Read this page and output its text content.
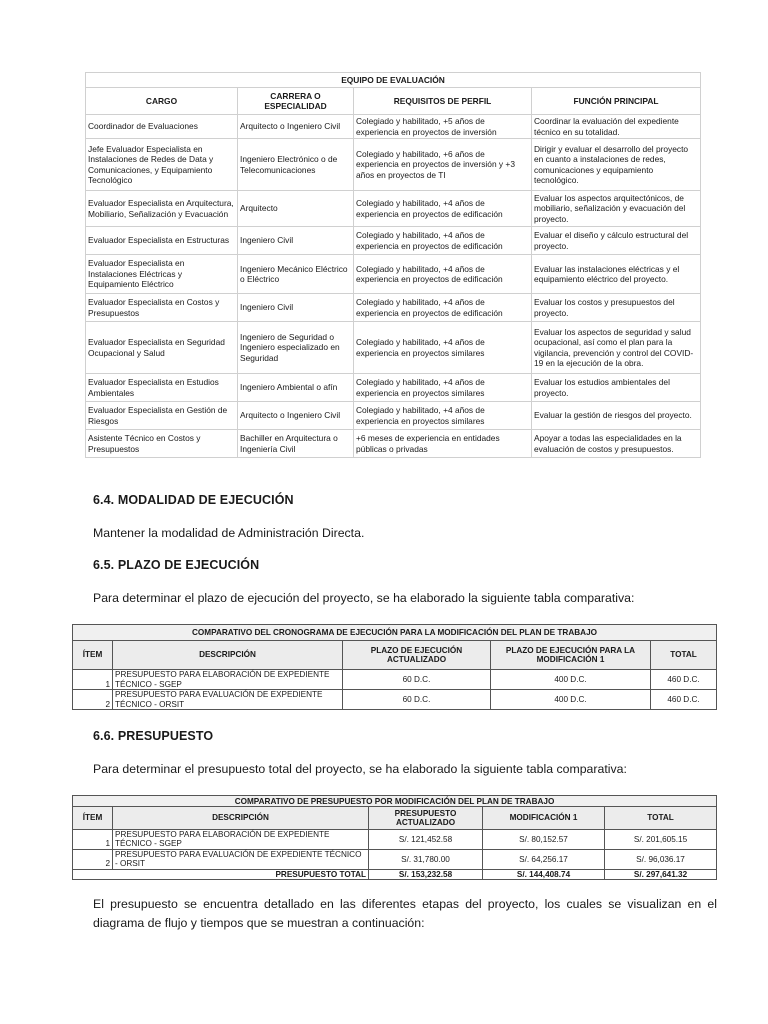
EQUIPO DE EVALUACIÓN			
CARGO	CARRERA O ESPECIALIDAD	REQUISITOS DE PERFIL	FUNCIÓN PRINCIPAL
Coordinador de Evaluaciones	Arquitecto o Ingeniero Civil	Colegiado y habilitado, +5 años de experiencia en proyectos de inversión	Coordinar la evaluación del expediente técnico en su totalidad.
Jefe Evaluador Especialista en Instalaciones de Redes de Data y Comunicaciones, y Equipamiento Tecnológico	Ingeniero Electrónico o de Telecomunicaciones	Colegiado y habilitado, +6 años de experiencia en proyectos de inversión y +3 años en proyectos de TI	Dirigir y evaluar el desarrollo del proyecto en cuanto a instalaciones de redes, comunicaciones y equipamiento tecnológico.
Evaluador Especialista en Arquitectura, Mobiliario, Señalización y Evacuación	Arquitecto	Colegiado y habilitado, +4 años de experiencia en proyectos de edificación	Evaluar los aspectos arquitectónicos, de mobiliario, señalización y evacuación del proyecto.
Evaluador Especialista en Estructuras	Ingeniero Civil	Colegiado y habilitado, +4 años de experiencia en proyectos de edificación	Evaluar el diseño y cálculo estructural del proyecto.
Evaluador Especialista en Instalaciones Eléctricas y Equipamiento Eléctrico	Ingeniero Mecánico Eléctrico o Eléctrico	Colegiado y habilitado, +4 años de experiencia en proyectos de edificación	Evaluar las instalaciones eléctricas y el equipamiento eléctrico del proyecto.
Evaluador Especialista en Costos y Presupuestos	Ingeniero Civil	Colegiado y habilitado, +4 años de experiencia en proyectos de edificación	Evaluar los costos y presupuestos del proyecto.
Evaluador Especialista en Seguridad Ocupacional y Salud	Ingeniero de Seguridad o Ingeniero especializado en Seguridad	Colegiado y habilitado, +4 años de experiencia en proyectos similares	Evaluar los aspectos de seguridad y salud ocupacional, así como el plan para la vigilancia, prevención y control del COVID-19 en la ejecución de la obra.
Evaluador Especialista en Estudios Ambientales	Ingeniero Ambiental o afín	Colegiado y habilitado, +4 años de experiencia en proyectos similares	Evaluar los estudios ambientales del proyecto.
Evaluador Especialista en Gestión de Riesgos	Arquitecto o Ingeniero Civil	Colegiado y habilitado, +4 años de experiencia en proyectos similares	Evaluar la gestión de riesgos del proyecto.
Asistente Técnico en Costos y Presupuestos	Bachiller en Arquitectura o Ingeniería Civil	+6 meses de experiencia en entidades públicas o privadas	Apoyar a todas las especialidades en la evaluación de costos y presupuestos.
6.4. MODALIDAD DE EJECUCIÓN

Mantener la modalidad de Administración Directa.

6.5. PLAZO DE EJECUCIÓN

Para determinar el plazo de ejecución del proyecto, se ha elaborado la siguiente tabla comparativa:

COMPARATIVO DEL CRONOGRAMA DE EJECUCIÓN PARA LA MODIFICACIÓN DEL PLAN DE TRABAJO				
ÍTEM	DESCRIPCIÓN	PLAZO DE EJECUCIÓN ACTUALIZADO	PLAZO DE EJECUCIÓN PARA LA MODIFICACIÓN 1	TOTAL
1	PRESUPUESTO PARA ELABORACIÓN DE EXPEDIENTE TÉCNICO - SGEP	60 D.C.	400 D.C.	460 D.C.
2	PRESUPUESTO PARA EVALUACIÓN DE EXPEDIENTE TÉCNICO - ORSIT	60 D.C.	400 D.C.	460 D.C.
6.6. PRESUPUESTO

Para determinar el presupuesto total del proyecto, se ha elaborado la siguiente tabla comparativa:

COMPARATIVO DE PRESUPUESTO POR MODIFICACIÓN DEL PLAN DE TRABAJO				
ÍTEM	DESCRIPCIÓN	PRESUPUESTO ACTUALIZADO	MODIFICACIÓN 1	TOTAL
1	PRESUPUESTO PARA ELABORACIÓN DE EXPEDIENTE TÉCNICO - SGEP	S/. 121,452.58	S/. 80,152.57	S/. 201,605.15
2	PRESUPUESTO PARA EVALUACIÓN DE EXPEDIENTE TÉCNICO - ORSIT	S/. 31,780.00	S/. 64,256.17	S/. 96,036.17
PRESUPUESTO TOTAL		S/. 153,232.58	S/. 144,408.74	S/. 297,641.32

El presupuesto se encuentra detallado en las diferentes etapas del proyecto, los cuales se visualizan en el diagrama de flujo y tiempos que se muestran a continuación:
